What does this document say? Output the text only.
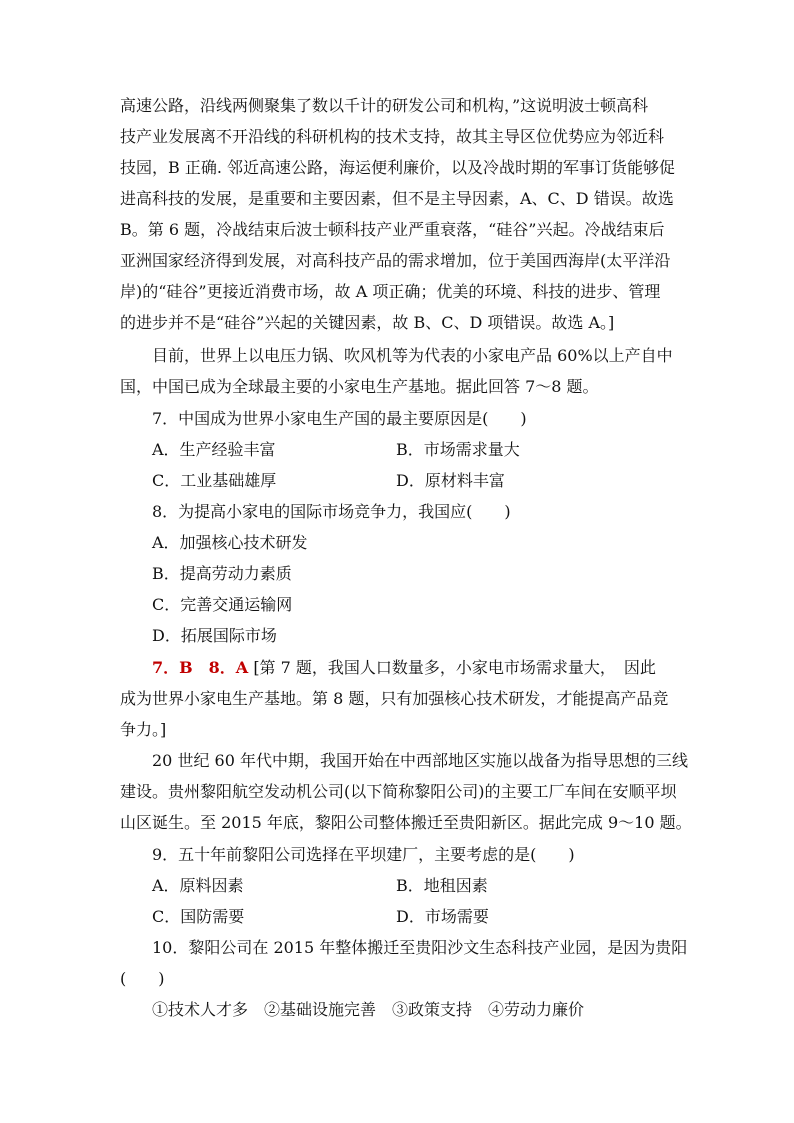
高速公路，沿线两侧聚集了数以千计的研发公司和机构，”这说明波士顿高科
技产业发展离不开沿线的科研机构的技术支持，故其主导区位优势应为邻近科
技园，B 正确. 邻近高速公路，海运便利廉价，以及冷战时期的军事订货能够促
进高科技的发展，是重要和主要因素，但不是主导因素，A、C、D 错误。故选
B。第 6 题，冷战结束后波士顿科技产业严重衰落，“硅谷”兴起。冷战结束后
亚洲国家经济得到发展，对高科技产品的需求增加，位于美国西海岸(太平洋沿
岸)的“硅谷”更接近消费市场，故 A 项正确；优美的环境、科技的进步、管理
的进步并不是“硅谷”兴起的关键因素，故 B、C、D 项错误。故选 A。]
目前，世界上以电压力锅、吹风机等为代表的小家电产品 60%以上产自中
国，中国已成为全球最主要的小家电生产基地。据此回答 7～8 题。
7．中国成为世界小家电生产国的最主要原因是(　　)
A．生产经验丰富	B．市场需求量大
C．工业基础雄厚	D．原材料丰富
8．为提高小家电的国际市场竞争力，我国应(　　)
A．加强核心技术研发
B．提高劳动力素质
C．完善交通运输网
D．拓展国际市场
7．B　8．A [第 7 题，我国人口数量多，小家电市场需求量大，　因此
成为世界小家电生产基地。第 8 题，只有加强核心技术研发，才能提高产品竞
争力。]
20 世纪 60 年代中期，我国开始在中西部地区实施以战备为指导思想的三线
建设。贵州黎阳航空发动机公司(以下简称黎阳公司)的主要工厂车间在安顺平坝
山区诞生。至 2015 年底，黎阳公司整体搬迁至贵阳新区。据此完成 9～10 题。
9．五十年前黎阳公司选择在平坝建厂，主要考虑的是(　　)
A．原料因素	B．地租因素
C．国防需要	D．市场需要
10．黎阳公司在 2015 年整体搬迁至贵阳沙文生态科技产业园，是因为贵阳
(　　)
①技术人才多　②基础设施完善　③政策支持　④劳动力廉价
